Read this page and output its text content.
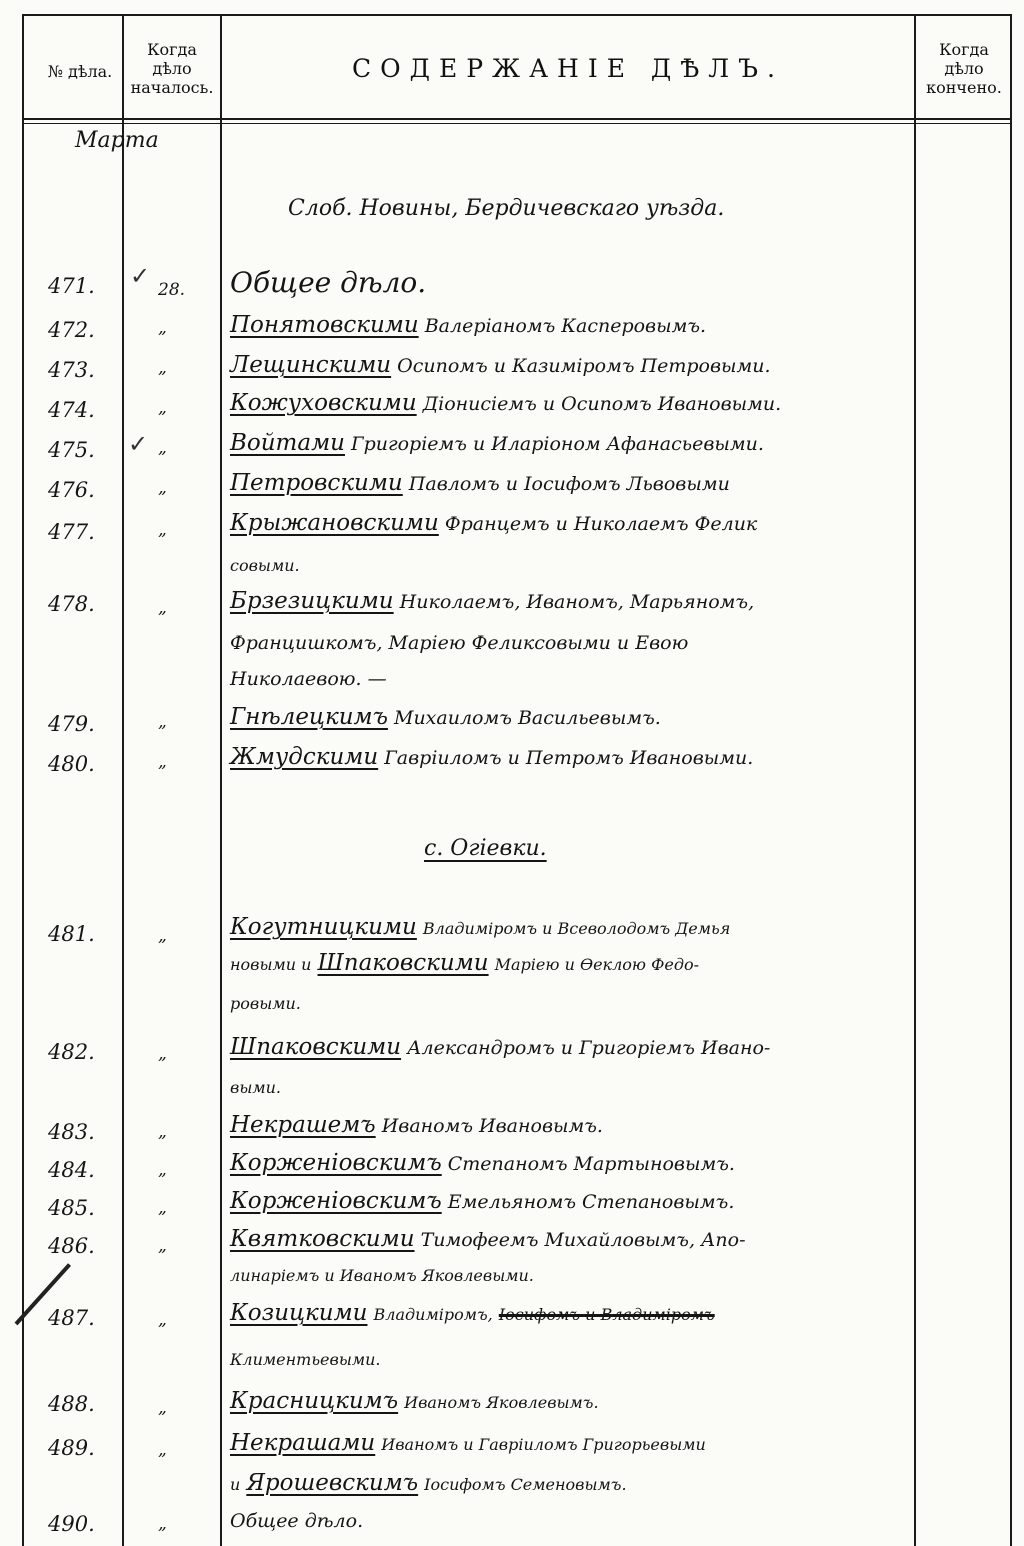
№ дѣла.
Когда дѣло началось.
СОДЕРЖАНІЕ ДѢЛЪ.
Когда дѣло кончено.
Марта
Слоб. Новины, Бердичевскаго уѣзда.
471. ✓ 28. Общее дѣло.
472.	„	Понятовскими Валеріаномъ Каспеpовымъ.
473.	„	Лещинскими Осипомъ и Казиміромъ Петровыми.
474.	„	Кожуховскими Діонисіемъ и Осипомъ Ивановыми.
475. ✓ „	Войтами Григоріемъ и Иларіоном Афанасьевыми.
476.	„	Петровскими Павломъ и Іосифомъ Львовыми
477.	„	Крыжановскими Францемъ и Николаемъ Фелик
совыми.
478.	„	Брзезицкими Николаемъ, Иваномъ, Марьяномъ,
Францишкомъ, Маріею Феликсовыми и Евою
Николаевою. —
479.	„	Гнѣлецкимъ Михаиломъ Васильевымъ.
480.	„	Жмудскими Гавріиломъ и Петромъ Ивановыми.
с. Огіевки.
481.	„	Когутницкими Владиміромъ и Всеволодомъ Демья
новыми и Шпаковскими Маріею и Ѳеклою Федо-
ровыми.
482.	„	Шпаковскими Александромъ и Григоріемъ Ивано-
выми.
483.	„	Некрашемъ Иваномъ Ивановымъ.
484.	„	Корженіовскимъ Степаномъ Мартыновымъ.
485.	„	Корженіовскимъ Емельяномъ Степановымъ.
486.	„	Квятковскими Тимофеемъ Михайловымъ, Апо-
линаріемъ и Иваномъ Яковлевыми.
487.	„	Козицкими Владиміромъ, Іосифомъ и Владиміромъ
Климентьевыми.
488.	„	Красницкимъ Иваномъ Яковлевымъ.
489.	„	Некрашами Иваномъ и Гавріиломъ Григорьевыми
и Ярошевскимъ Іосифомъ Семеновымъ.
490.	„	Общее дѣло.
